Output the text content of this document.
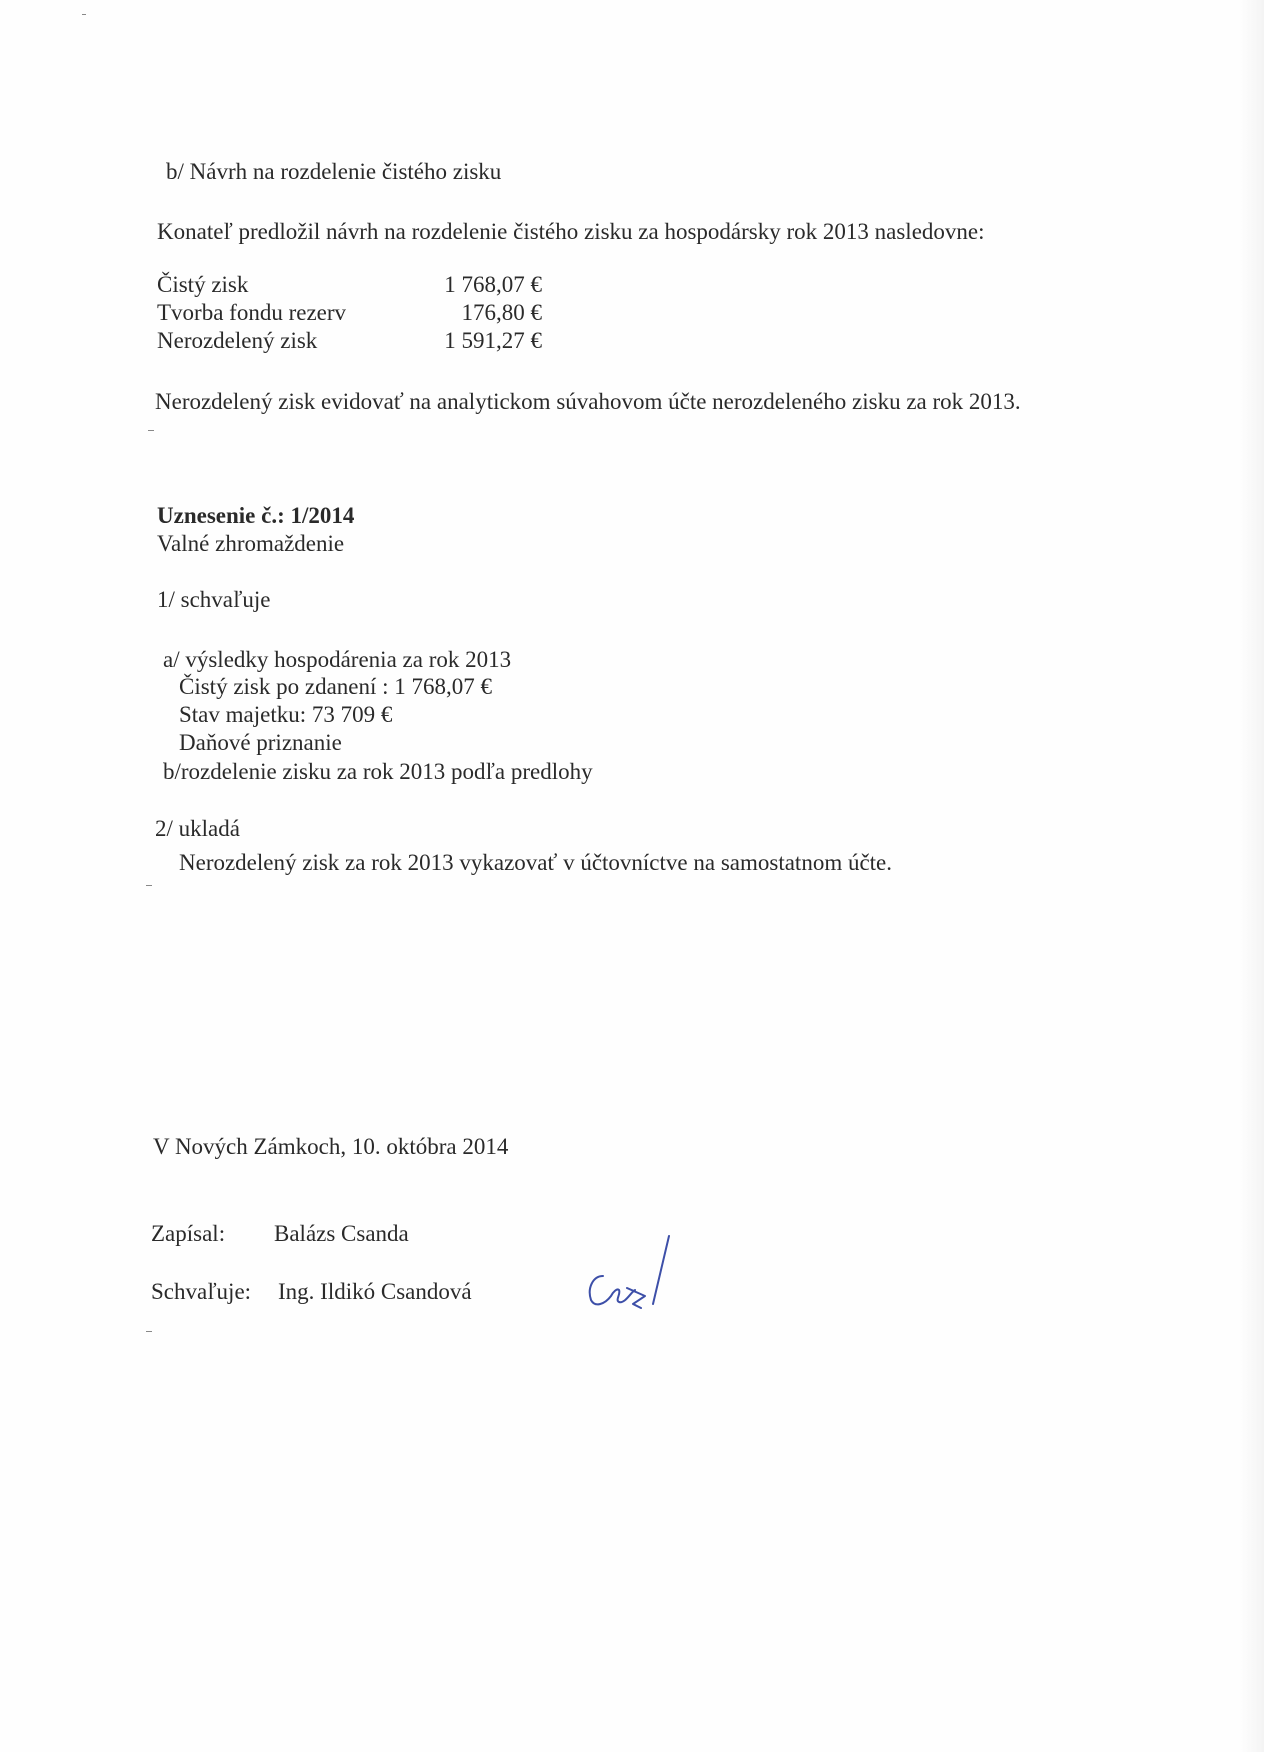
b/ Návrh na rozdelenie čistého zisku
Konateľ predložil návrh na rozdelenie čistého zisku za hospodársky rok 2013 nasledovne:
Čistý zisk	1 768,07 €
Tvorba fondu rezerv	176,80 €
Nerozdelený zisk	1 591,27 €
Nerozdelený zisk evidovať na analytickom súvahovom účte nerozdeleného zisku za rok 2013.
Uznesenie č.: 1/2014
Valné zhromaždenie
1/ schvaľuje
a/ výsledky hospodárenia za rok 2013
Čistý zisk po zdanení : 1 768,07 €
Stav majetku: 73 709 €
Daňové priznanie
b/rozdelenie zisku za rok 2013 podľa predlohy
2/ ukladá
Nerozdelený zisk za rok 2013 vykazovať v účtovníctve na samostatnom účte.
V Nových Zámkoch, 10. októbra 2014
Zapísal: Balázs Csanda
Schvaľuje: Ing. Ildikó Csandová
